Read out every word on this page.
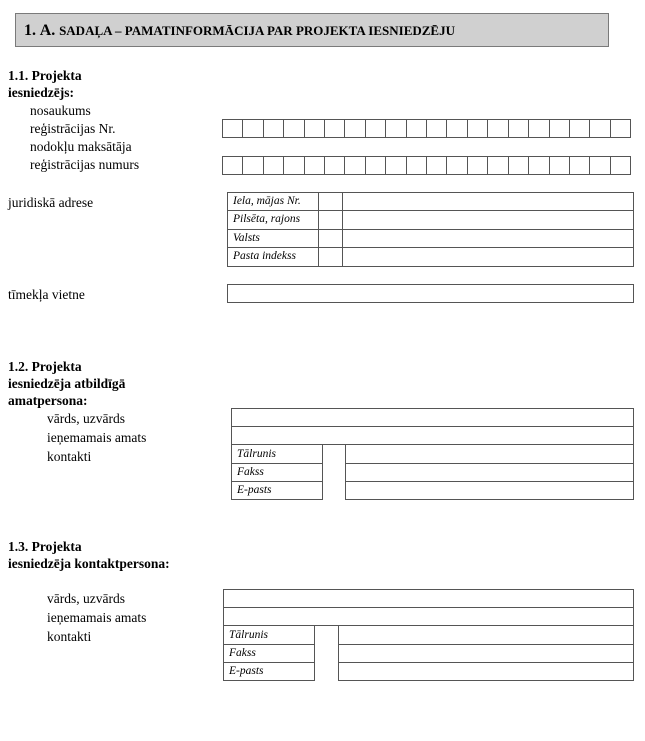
1. A. SADAĻA – PAMATINFORMĀCIJA PAR PROJEKTA IESNIEDZĒJU
1.1. Projekta
iesniedzējs:
nosaukums
reģistrācijas Nr.
nodokļu maksātāja
reģistrācijas numurs
juridiskā adrese	Iela, mājas Nr.
Pilsēta, rajons
Valsts
Pasta indekss
tīmekļa vietne
1.2. Projekta
iesniedzēja atbildīgā
amatpersona:
vārds, uzvārds
ieņemamais amats
kontakti	Tālrunis
Fakss
E-pasts
1.3. Projekta
iesniedzēja kontaktpersona:
vārds, uzvārds
ieņemamais amats
kontakti	Tālrunis
Fakss
E-pasts
